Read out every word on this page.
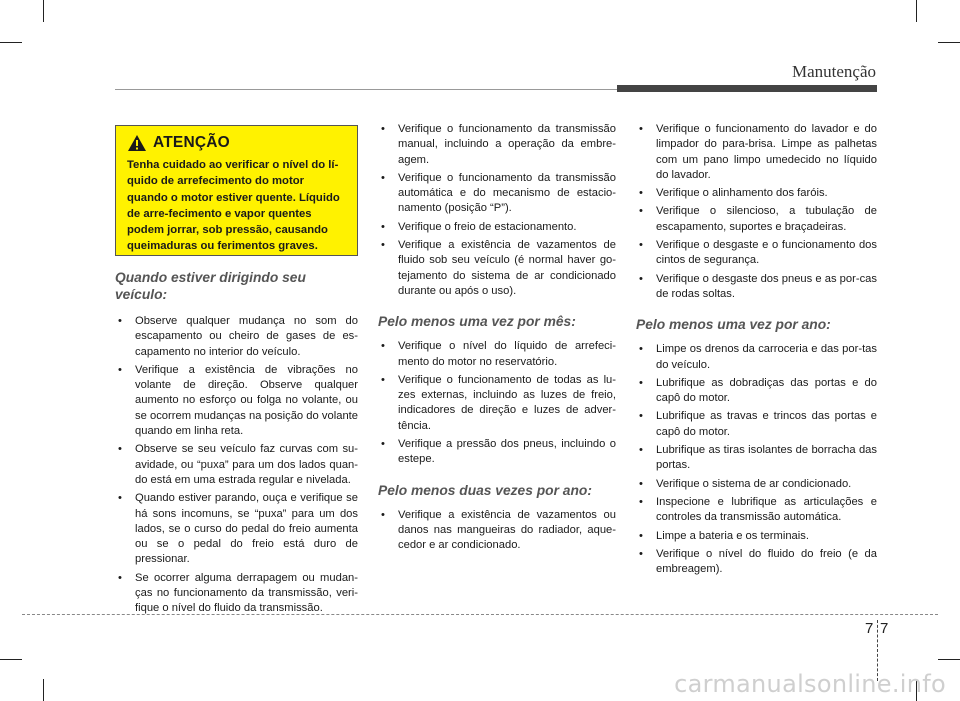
Manutenção
ATENÇÃO
Tenha cuidado ao verificar o nível do lí-quido de arrefecimento do motor quando o motor estiver quente. Líquido de arre-fecimento e vapor quentes podem jorrar, sob pressão, causando queimaduras ou ferimentos graves.
Quando estiver dirigindo seu veículo:
• Observe qualquer mudança no som do escapamento ou cheiro de gases de es-capamento no interior do veículo.
• Verifique a existência de vibrações no volante de direção. Observe qualquer aumento no esforço ou folga no volante, ou se ocorrem mudanças na posição do volante quando em linha reta.
• Observe se seu veículo faz curvas com su-avidade, ou “puxa” para um dos lados quan-do está em uma estrada regular e nivelada.
• Quando estiver parando, ouça e verifique se há sons incomuns, se “puxa” para um dos lados, se o curso do pedal do freio aumenta ou se o pedal do freio está duro de pressionar.
• Se ocorrer alguma derrapagem ou mudan-ças no funcionamento da transmissão, veri-fique o nível do fluido da transmissão.
• Verifique o funcionamento da transmissão manual, incluindo a operação da embre-agem.
• Verifique o funcionamento da transmissão automática e do mecanismo de estacio-namento (posição “P”).
• Verifique o freio de estacionamento.
• Verifique a existência de vazamentos de fluido sob seu veículo (é normal haver go-tejamento do sistema de ar condicionado durante ou após o uso).
Pelo menos uma vez por mês:
• Verifique o nível do líquido de arrefeci-mento do motor no reservatório.
• Verifique o funcionamento de todas as lu-zes externas, incluindo as luzes de freio, indicadores de direção e luzes de adver-tência.
• Verifique a pressão dos pneus, incluindo o estepe.
Pelo menos duas vezes por ano:
• Verifique a existência de vazamentos ou danos nas mangueiras do radiador, aque-cedor e ar condicionado.
• Verifique o funcionamento do lavador e do limpador do para-brisa. Limpe as palhetas com um pano limpo umedecido no líquido do lavador.
• Verifique o alinhamento dos faróis.
• Verifique o silencioso, a tubulação de escapamento, suportes e braçadeiras.
• Verifique o desgaste e o funcionamento dos cintos de segurança.
• Verifique o desgaste dos pneus e as por-cas de rodas soltas.
Pelo menos uma vez por ano:
• Limpe os drenos da carroceria e das por-tas do veículo.
• Lubrifique as dobradiças das portas e do capô do motor.
• Lubrifique as travas e trincos das portas e capô do motor.
• Lubrifique as tiras isolantes de borracha das portas.
• Verifique o sistema de ar condicionado.
• Inspecione e lubrifique as articulações e controles da transmissão automática.
• Limpe a bateria e os terminais.
• Verifique o nível do fluido do freio (e da embreagem).
7 7
carmanualsonline.info
